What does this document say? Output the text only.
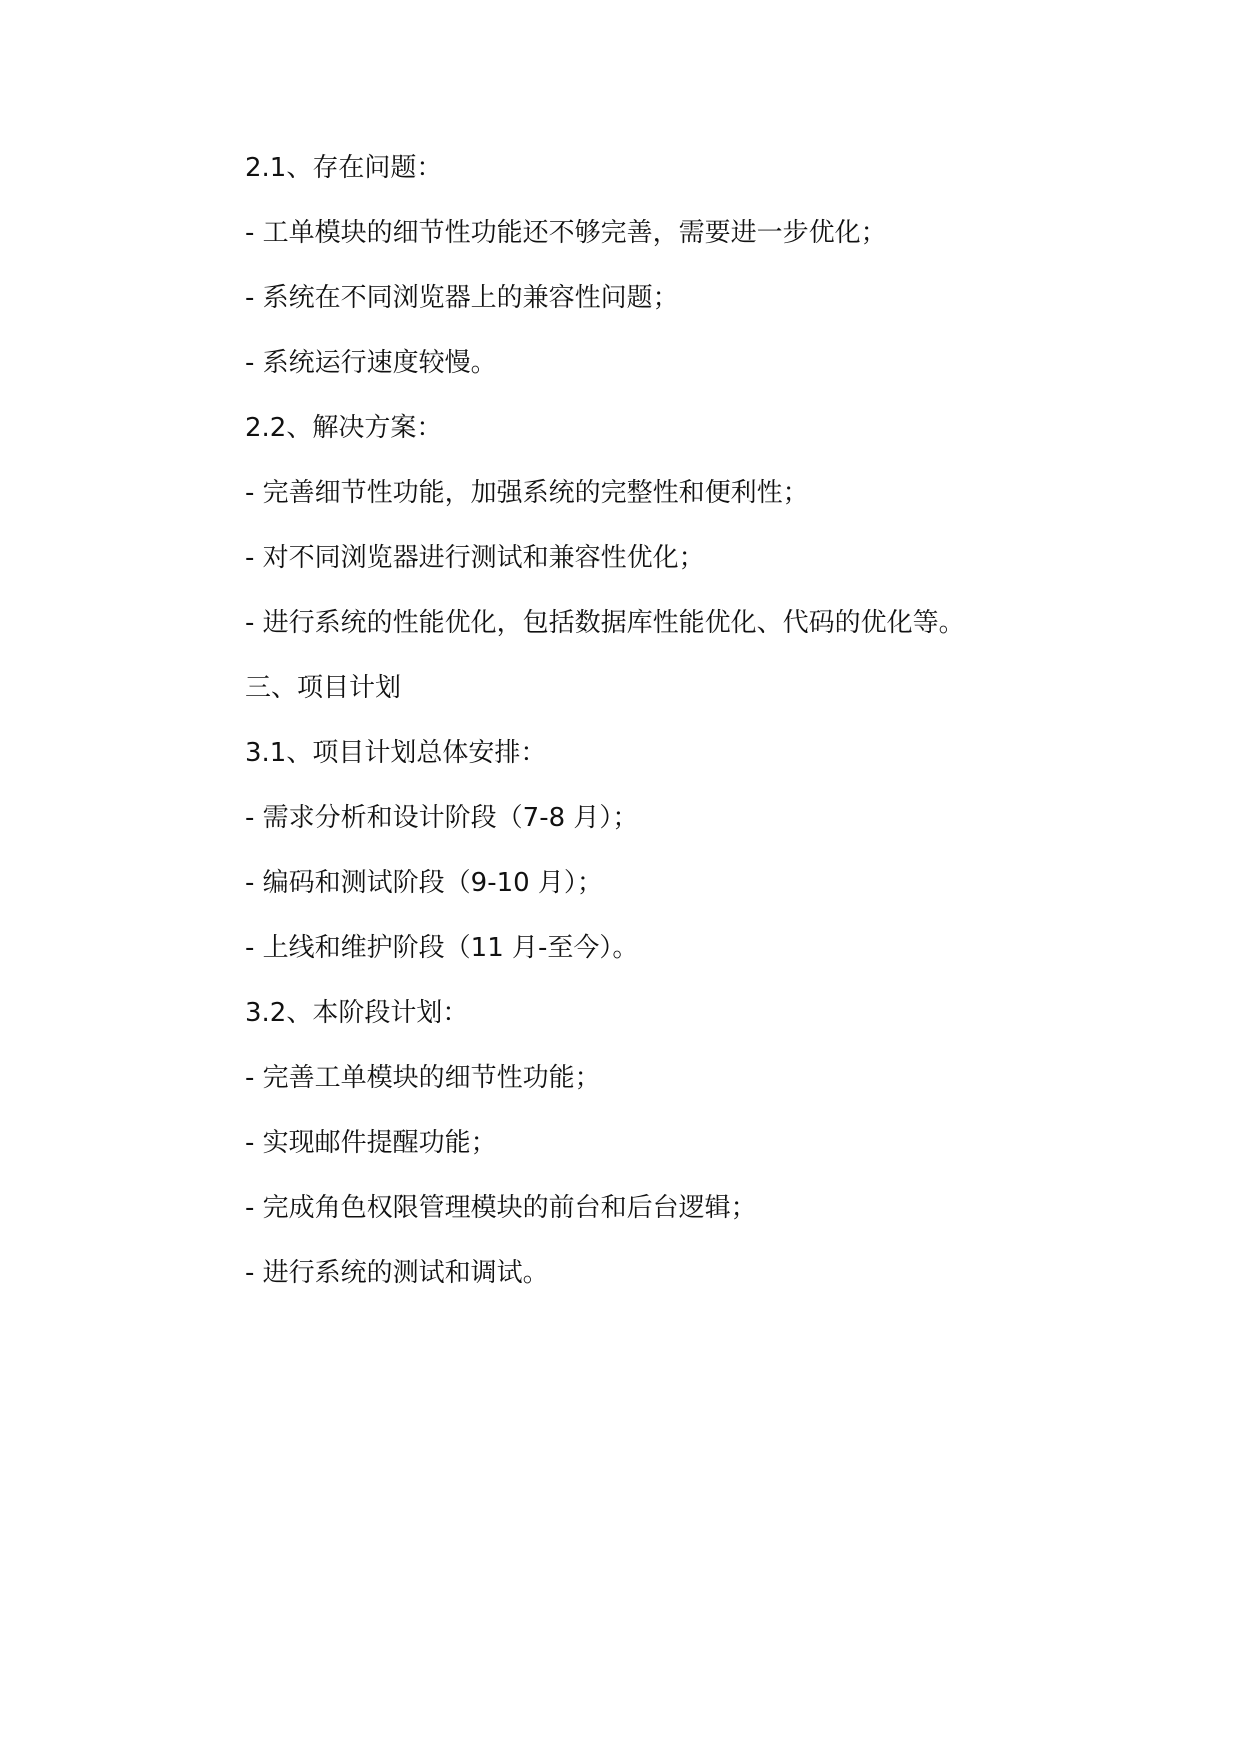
2.1、存在问题：
- 工单模块的细节性功能还不够完善，需要进一步优化；
- 系统在不同浏览器上的兼容性问题；
- 系统运行速度较慢。
2.2、解决方案：
- 完善细节性功能，加强系统的完整性和便利性；
- 对不同浏览器进行测试和兼容性优化；
- 进行系统的性能优化，包括数据库性能优化、代码的优化等。
三、项目计划
3.1、项目计划总体安排：
- 需求分析和设计阶段（7-8 月）；
- 编码和测试阶段（9-10 月）；
- 上线和维护阶段（11 月-至今）。
3.2、本阶段计划：
- 完善工单模块的细节性功能；
- 实现邮件提醒功能；
- 完成角色权限管理模块的前台和后台逻辑；
- 进行系统的测试和调试。
